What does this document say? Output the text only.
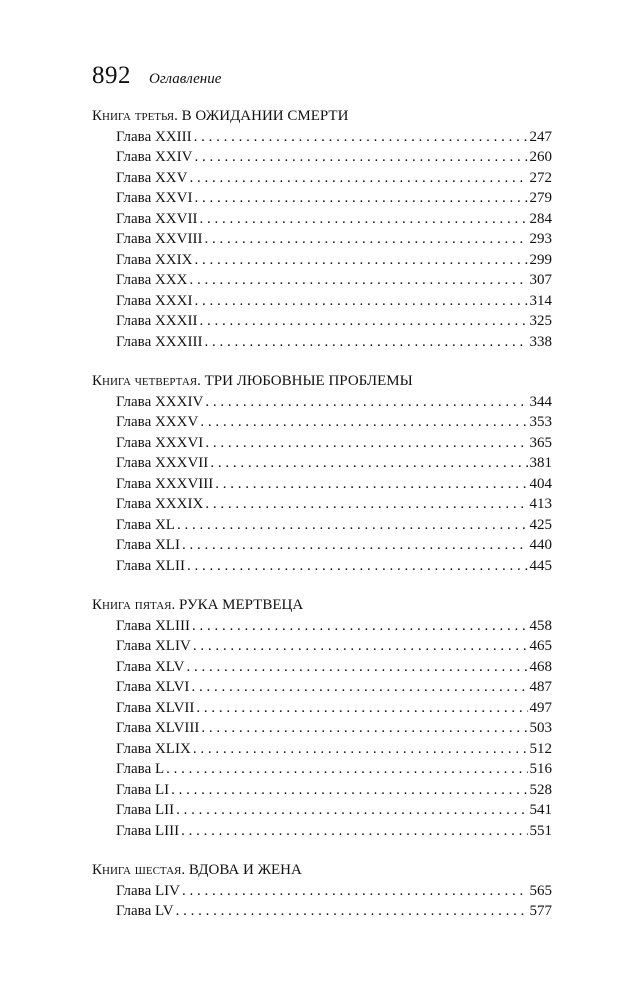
892 Оглавление
Книга третья. В ОЖИДАНИИ СМЕРТИ
Глава XXIII . . .	247
Глава XXIV . . .	260
Глава XXV . . .	272
Глава XXVI . . .	279
Глава XXVII . . .	284
Глава XXVIII . . .	293
Глава XXIX . . .	299
Глава XXX . . .	307
Глава XXXI . . .	314
Глава XXXII . . .	325
Глава XXXIII . . .	338
Книга четвертая. ТРИ ЛЮБОВНЫЕ ПРОБЛЕМЫ
Глава XXXIV . . .	344
Глава XXXV . . .	353
Глава XXXVI . . .	365
Глава XXXVII . . .	381
Глава XXXVIII . . .	404
Глава XXXIX . . .	413
Глава XL . . .	425
Глава XLI . . .	440
Глава XLII . . .	445
Книга пятая. РУКА МЕРТВЕЦА
Глава XLIII . . .	458
Глава XLIV . . .	465
Глава XLV . . .	468
Глава XLVI . . .	487
Глава XLVII . . .	497
Глава XLVIII . . .	503
Глава XLIX . . .	512
Глава L . . .	516
Глава LI . . .	528
Глава LII . . .	541
Глава LIII . . .	551
Книга шестая. ВДОВА И ЖЕНА
Глава LIV . . .	565
Глава LV . . .	577
